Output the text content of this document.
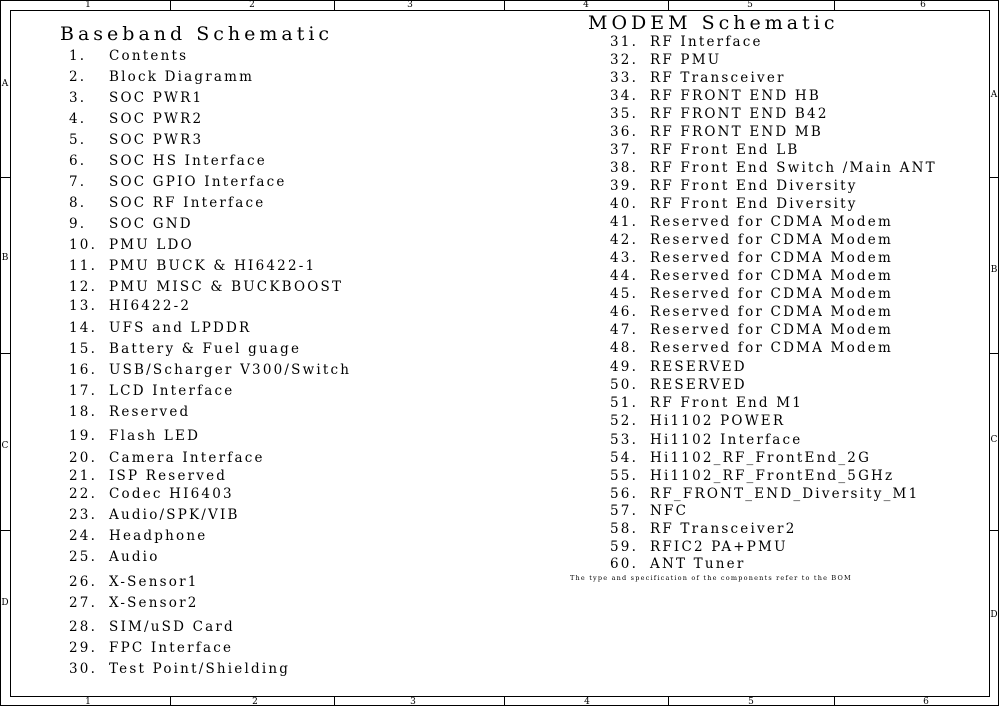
1	2	3	4	5	6
1	2	3	4	5	6
A
B
C
D
A
B
C
D
Baseband Schematic	MODEM Schematic
1. Contents
2. Block Diagramm
3. SOC PWR1
4. SOC PWR2
5. SOC PWR3
6. SOC HS Interface
7. SOC GPIO Interface
8. SOC RF Interface
9. SOC GND
10. PMU LDO
11. PMU BUCK & HI6422-1
12. PMU MISC & BUCKBOOST
13. HI6422-2
14. UFS and LPDDR
15. Battery & Fuel guage
16. USB/Scharger V300/Switch
17. LCD Interface
18. Reserved
19. Flash LED
20. Camera Interface
21. ISP Reserved
22. Codec HI6403
23. Audio/SPK/VIB
24. Headphone
25. Audio
26. X-Sensor1
27. X-Sensor2
28. SIM/uSD Card
29. FPC Interface
30. Test Point/Shielding
31. RF Interface
32. RF PMU
33. RF Transceiver
34. RF FRONT END HB
35. RF FRONT END B42
36. RF FRONT END MB
37. RF Front End LB
38. RF Front End Switch /Main ANT
39. RF Front End Diversity
40. RF Front End Diversity
41. Reserved for CDMA Modem
42. Reserved for CDMA Modem
43. Reserved for CDMA Modem
44. Reserved for CDMA Modem
45. Reserved for CDMA Modem
46. Reserved for CDMA Modem
47. Reserved for CDMA Modem
48. Reserved for CDMA Modem
49. RESERVED
50. RESERVED
51. RF Front End M1
52. Hi1102 POWER
53. Hi1102 Interface
54. Hi1102_RF_FrontEnd_2G
55. Hi1102_RF_FrontEnd_5GHz
56. RF_FRONT_END_Diversity_M1
57. NFC
58. RF Transceiver2
59. RFIC2 PA+PMU
60. ANT Tuner
The type and specification of the components refer to the BOM
